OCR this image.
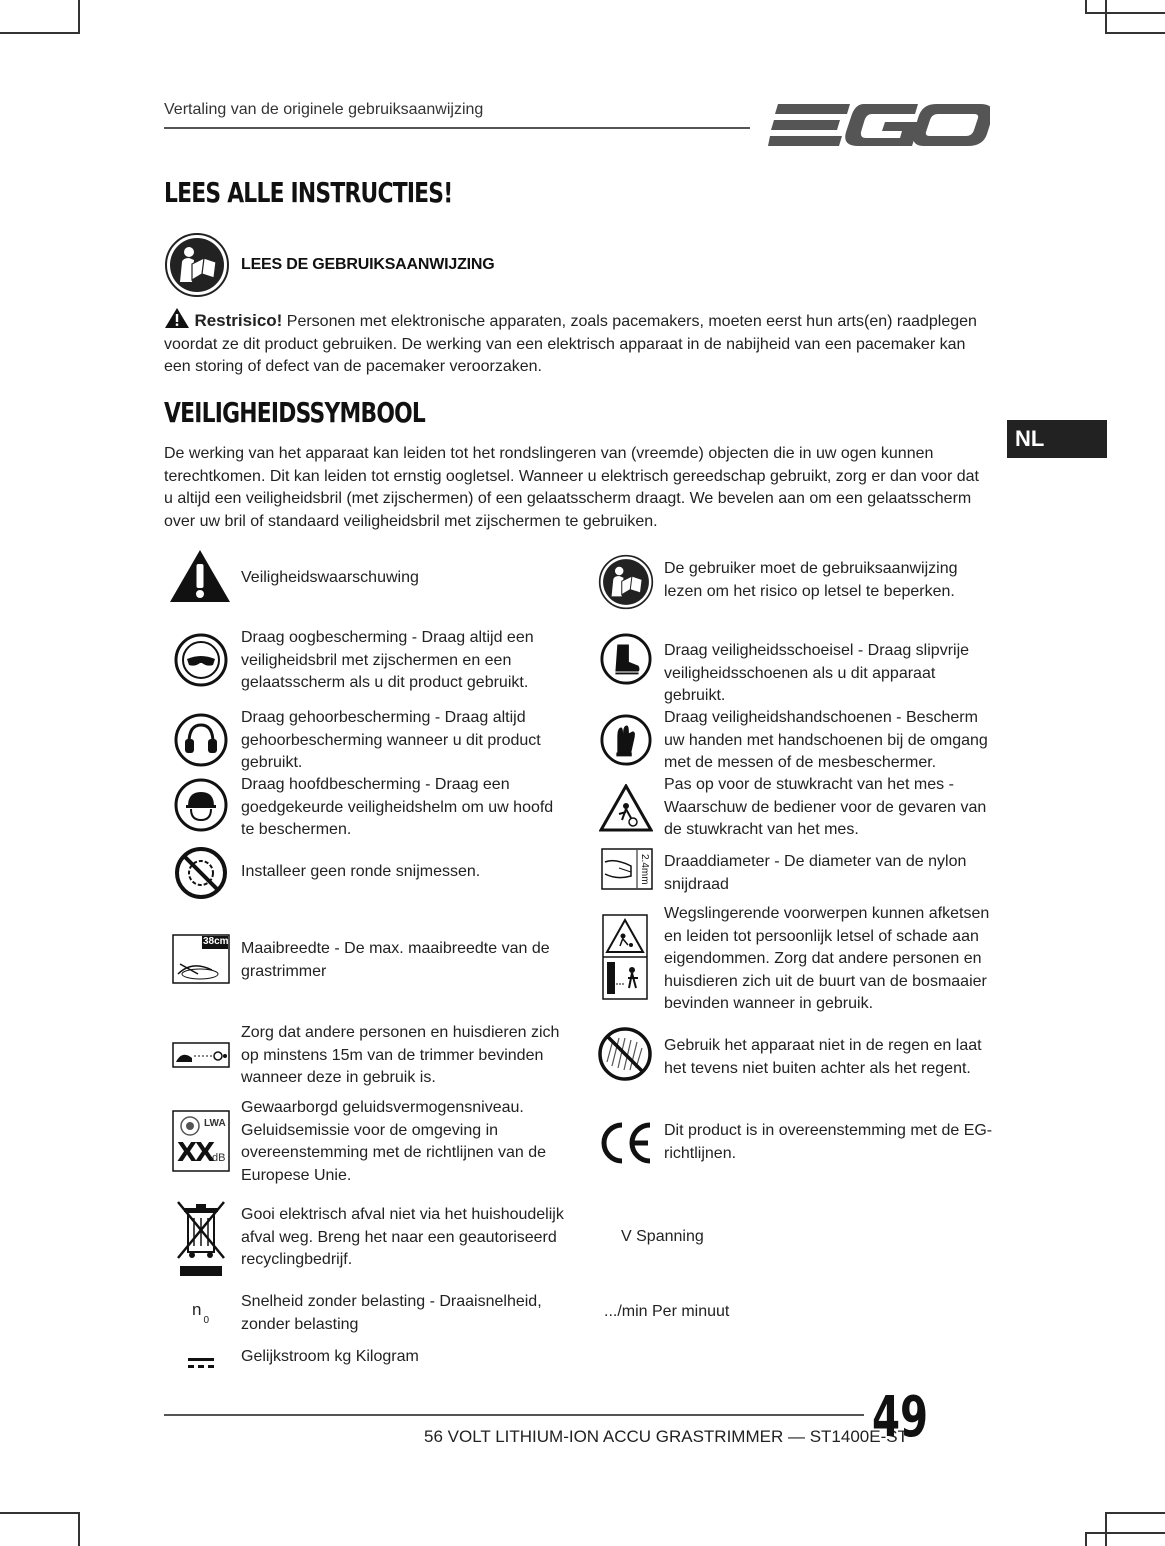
Vertaling van de originele gebruiksaanwijzing
NL
LEES ALLE INSTRUCTIES!
LEES DE GEBRUIKSAANWIJZING
Restrisico! Personen met elektronische apparaten, zoals pacemakers, moeten eerst hun arts(en) raadplegen voordat ze dit product gebruiken. De werking van een elektrisch apparaat in de nabijheid van een pacemaker kan een storing of defect van de pacemaker veroorzaken.
VEILIGHEIDSSYMBOOL
De werking van het apparaat kan leiden tot het rondslingeren van (vreemde) objecten die in uw ogen kunnen terechtkomen. Dit kan leiden tot ernstig oogletsel. Wanneer u elektrisch gereedschap gebruikt, zorg er dan voor dat u altijd een veiligheidsbril (met zijschermen) of een gelaatsscherm draagt. We bevelen aan om een gelaatsscherm over uw bril of standaard veiligheidsbril met zijschermen te gebruiken.
Veiligheidswaarschuwing
Draag oogbescherming - Draag altijd een veiligheidsbril met zijschermen en een gelaatsscherm als u dit product gebruikt.
Draag gehoorbescherming - Draag altijd gehoorbescherming wanneer u dit product gebruikt.
Draag hoofdbescherming - Draag een goedgekeurde veiligheidshelm om uw hoofd te beschermen.
Installeer geen ronde snijmessen.
38cm Maaibreedte - De max. maaibreedte van de grastrimmer
Zorg dat andere personen en huisdieren zich op minstens 15m van de trimmer bevinden wanneer deze in gebruik is.
LWA
XX
dB
Gewaarborgd geluidsvermogensniveau. Geluidsemissie voor de omgeving in overeenstemming met de richtlijnen van de Europese Unie.
Gooi elektrisch afval niet via het huishoudelijk afval weg. Breng het naar een geautoriseerd recyclingbedrijf.
$n_0$
Snelheid zonder belasting - Draaisnelheid, zonder belasting
Gelijkstroom kg Kilogram
De gebruiker moet de gebruiksaanwijzing lezen om het risico op letsel te beperken.
Draag veiligheidsschoeisel - Draag slipvrije veiligheidsschoenen als u dit apparaat gebruikt.
Draag veiligheidshandschoenen - Bescherm uw handen met handschoenen bij de omgang met de messen of de mesbeschermer.
Pas op voor de stuwkracht van het mes - Waarschuw de bediener voor de gevaren van de stuwkracht van het mes.
2.4mm Draaddiameter - De diameter van de nylon snijdraad
Wegslingerende voorwerpen kunnen afketsen en leiden tot persoonlijk letsel of schade aan eigendommen. Zorg dat andere personen en huisdieren zich uit de buurt van de bosmaaier bevinden wanneer in gebruik.
Gebruik het apparaat niet in de regen en laat het tevens niet buiten achter als het regent.
Dit product is in overeenstemming met de EG-richtlijnen.
V Spanning
.../min Per minuut
56 VOLT LITHIUM-ION ACCU GRASTRIMMER — ST1400E-ST
49
